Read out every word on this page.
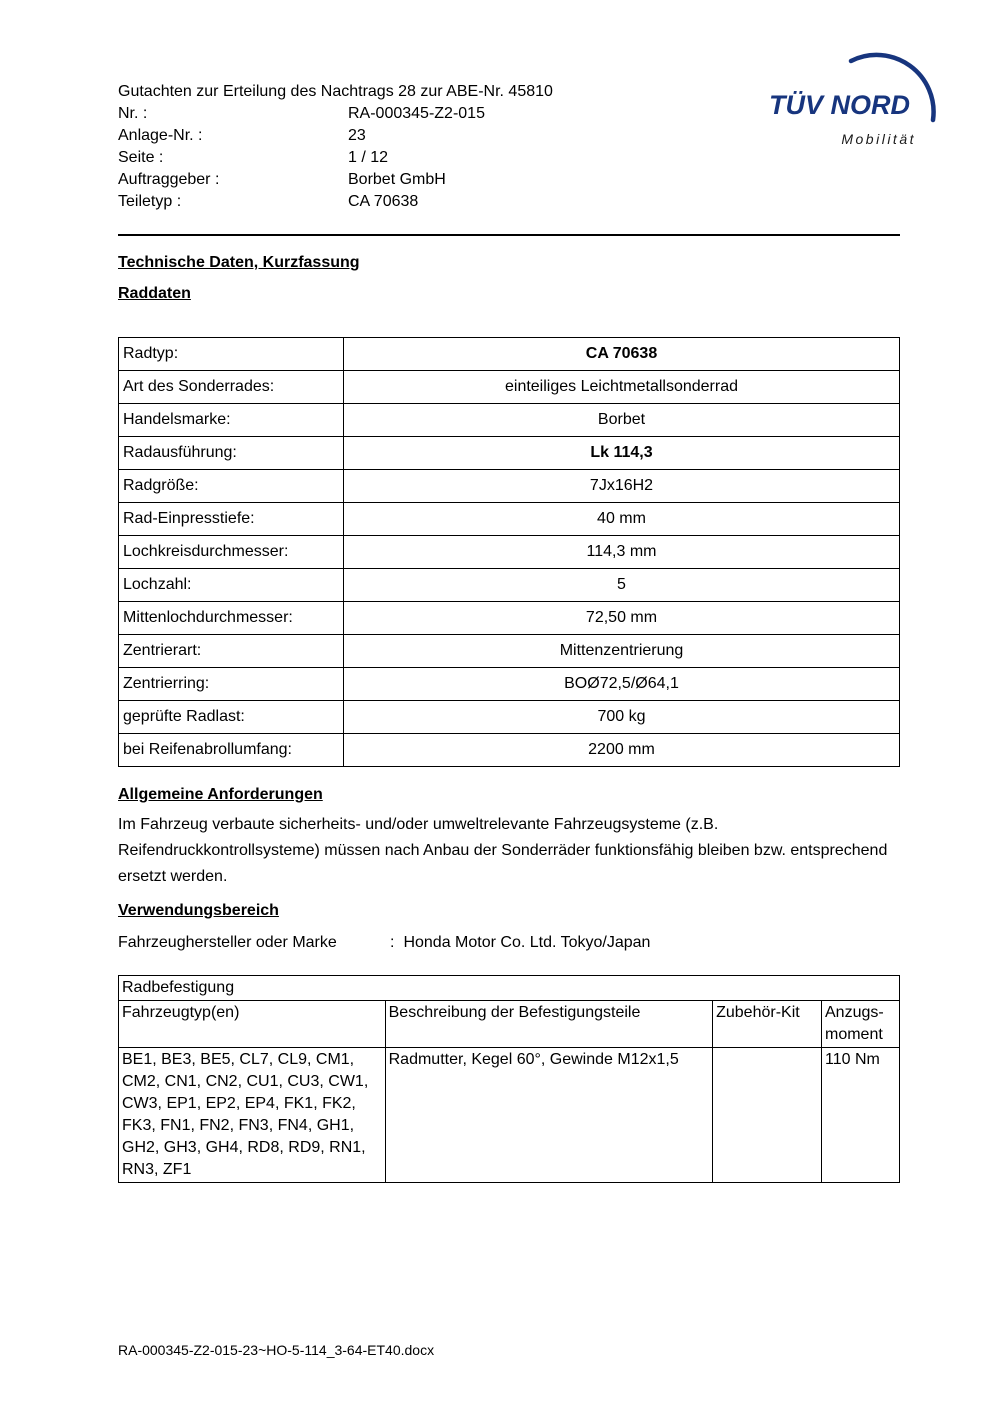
TÜV NORD
Mobilität
Gutachten zur Erteilung des Nachtrags 28 zur ABE-Nr. 45810
Nr. :	RA-000345-Z2-015
Anlage-Nr. :	23
Seite :	1 / 12
Auftraggeber :	Borbet GmbH
Teiletyp :	CA 70638
Technische Daten, Kurzfassung
Raddaten
Radtyp:	CA 70638
Art des Sonderrades:	einteiliges Leichtmetallsonderrad
Handelsmarke:	Borbet
Radausführung:	Lk 114,3
Radgröße:	7Jx16H2
Rad-Einpresstiefe:	40 mm
Lochkreisdurchmesser:	114,3 mm
Lochzahl:	5
Mittenlochdurchmesser:	72,50 mm
Zentrierart:	Mittenzentrierung
Zentrierring:	BOØ72,5/Ø64,1
geprüfte Radlast:	700 kg
bei Reifenabrollumfang:	2200 mm
Allgemeine Anforderungen
Im Fahrzeug verbaute sicherheits- und/oder umweltrelevante Fahrzeugsysteme (z.B. Reifendruckkontrollsysteme) müssen nach Anbau der Sonderräder funktionsfähig bleiben bzw. entsprechend ersetzt werden.
Verwendungsbereich
Fahrzeughersteller oder Marke	: Honda Motor Co. Ltd. Tokyo/Japan
Radbefestigung			
Fahrzeugtyp(en)	Beschreibung der Befestigungsteile	Zubehör-Kit	Anzugs-moment
BE1, BE3, BE5, CL7, CL9, CM1, CM2, CN1, CN2, CU1, CU3, CW1, CW3, EP1, EP2, EP4, FK1, FK2, FK3, FN1, FN2, FN3, FN4, GH1, GH2, GH3, GH4, RD8, RD9, RN1, RN3, ZF1	Radmutter, Kegel 60°, Gewinde M12x1,5		110 Nm
RA-000345-Z2-015-23~HO-5-114_3-64-ET40.docx
